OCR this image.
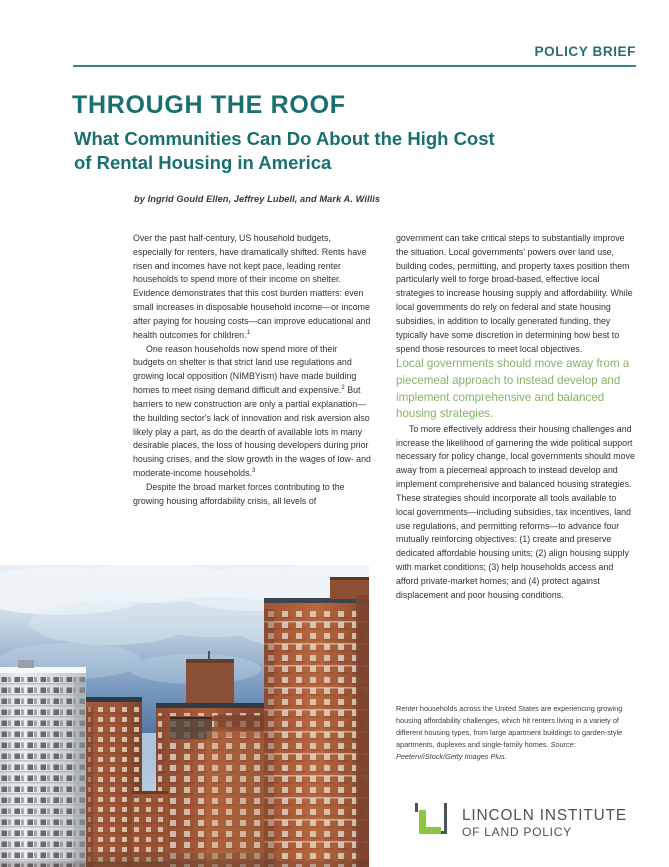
POLICY BRIEF
THROUGH THE ROOF
What Communities Can Do About the High Cost
of Rental Housing in America
by Ingrid Gould Ellen, Jeffrey Lubell, and Mark A. Willis

Over the past half-century, US household budgets, especially for renters, have dramatically shifted. Rents have risen and incomes have not kept pace, leading renter households to spend more of their income on shelter. Evidence demonstrates that this cost burden matters: even small increases in disposable household income—or income after paying for housing costs—can improve educational and health outcomes for children.$^1$

One reason households now spend more of their budgets on shelter is that strict land use regulations and growing local opposition (NIMBYism) have made building homes to meet rising demand difficult and expensive.$^2$ But barriers to new construction are only a partial explanation—the building sector's lack of innovation and risk aversion also likely play a part, as do the dearth of available lots in many desirable places, the loss of housing developers during prior housing crises, and the slow growth in the wages of low- and moderate-income households.$^3$

Despite the broad market forces contributing to the growing housing affordability crisis, all levels of

government can take critical steps to substantially improve the situation. Local governments' powers over land use, building codes, permitting, and property taxes position them particularly well to forge broad-based, effective local strategies to increase housing supply and affordability. While local governments do rely on federal and state housing subsidies, in addition to locally generated funding, they typically have some discretion in determining how best to spend those resources to meet local objectives.

Local governments should move away from a piecemeal approach to instead develop and implement comprehensive and balanced housing strategies.

To more effectively address their housing challenges and increase the likelihood of garnering the wide political support necessary for policy change, local governments should move away from a piecemeal approach to instead develop and implement comprehensive and balanced housing strategies. These strategies should incorporate all tools available to local governments—including subsidies, tax incentives, land use regulations, and permitting reforms—to advance four mutually reinforcing objectives: (1) create and preserve dedicated affordable housing units; (2) align housing supply with market conditions; (3) help households access and afford private-market homes; and (4) protect against displacement and poor housing conditions.

Renter households across the United States are experiencing growing housing affordability challenges, which hit renters living in a variety of different housing types, from large apartment buildings to garden-style apartments, duplexes and single-family homes. Source: Peeterv/iStock/Getty Images Plus.
LINCOLN INSTITUTE
OF LAND POLICY
